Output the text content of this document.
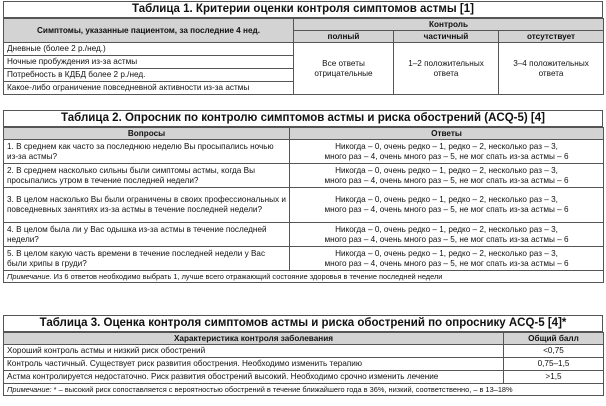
Таблица 1. Критерии оценки контроля симптомов астмы [1]
Симптомы, указанные пациентом, за последние 4 нед.	Контроль		
	полный	частичный	отсутствует
Дневные (более 2 р./нед.)	Все ответы отрицательные	1–2 положительных ответа	3–4 положительных ответа
Ночные пробуждения из-за астмы			
Потребность в КДБД более 2 р./нед.			
Какое-либо ограничение повседневной активности из-за астмы			
Таблица 2. Опросник по контролю симптомов астмы и риска обострений (ACQ-5) [4]
Вопросы	Ответы
1. В среднем как часто за последнюю неделю Вы просыпались ночью из-за астмы?	Никогда – 0, очень редко – 1, редко – 2, несколько раз – 3,
много раз – 4, очень много раз – 5, не мог спать из-за астмы – 6
2. В среднем насколько сильны были симптомы астмы, когда Вы просыпались утром в течение последней недели?	Никогда – 0, очень редко – 1, редко – 2, несколько раз – 3,
много раз – 4, очень много раз – 5, не мог спать из-за астмы – 6
3. В целом насколько Вы были ограничены в своих профессиональных и повседневных занятиях из-за астмы в течение последней недели?	Никогда – 0, очень редко – 1, редко – 2, несколько раз – 3,
много раз – 4, очень много раз – 5, не мог спать из-за астмы – 6
4. В целом была ли у Вас одышка из-за астмы в течение последней недели?	Никогда – 0, очень редко – 1, редко – 2, несколько раз – 3,
много раз – 4, очень много раз – 5, не мог спать из-за астмы – 6
5. В целом какую часть времени в течение последней недели у Вас были хрипы в груди?	Никогда – 0, очень редко – 1, редко – 2, несколько раз – 3,
много раз – 4, очень много раз – 5, не мог спать из-за астмы – 6
Примечание. Из 6 ответов необходимо выбрать 1, лучше всего отражающий состояние здоровья в течение последней недели	
Таблица 3. Оценка контроля симптомов астмы и риска обострений по опроснику ACQ-5 [4]*
Характеристика контроля заболевания	Общий балл
Хороший контроль астмы и низкий риск обострений	<0,75
Контроль частичный. Существует риск развития обострения. Необходимо изменить терапию	0,75–1,5
Астма контролируется недостаточно. Риск развития обострений высокий. Необходимо срочно изменить лечение	>1,5
Примечание: * – высокий риск сопоставляется с вероятностью обострений в течение ближайшего года в 36%, низкий, соответственно, – в 13–18%	
